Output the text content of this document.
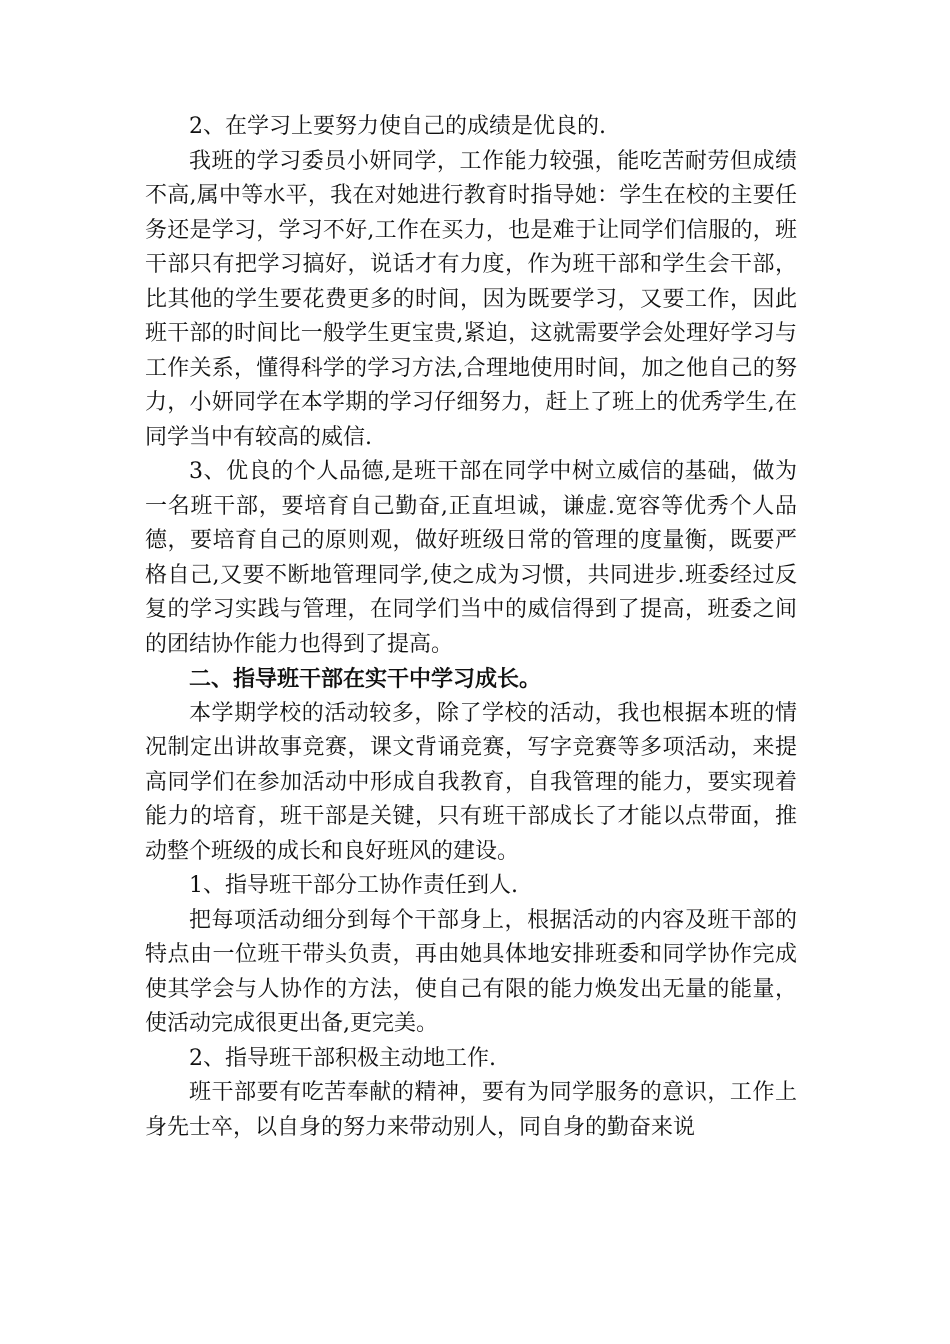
2、在学习上要努力使自己的成绩是优良的.

我班的学习委员小妍同学，工作能力较强，能吃苦耐劳但成绩不高,属中等水平，我在对她进行教育时指导她：学生在校的主要任务还是学习，学习不好,工作在买力，也是难于让同学们信服的，班干部只有把学习搞好，说话才有力度，作为班干部和学生会干部，比其他的学生要花费更多的时间，因为既要学习，又要工作，因此班干部的时间比一般学生更宝贵,紧迫，这就需要学会处理好学习与工作关系，懂得科学的学习方法,合理地使用时间，加之他自己的努力，小妍同学在本学期的学习仔细努力，赶上了班上的优秀学生,在同学当中有较高的威信.

3、优良的个人品德,是班干部在同学中树立威信的基础，做为一名班干部，要培育自己勤奋,正直坦诚，谦虚.宽容等优秀个人品德，要培育自己的原则观，做好班级日常的管理的度量衡，既要严格自己,又要不断地管理同学,使之成为习惯，共同进步.班委经过反复的学习实践与管理，在同学们当中的威信得到了提高，班委之间的团结协作能力也得到了提高。

二、指导班干部在实干中学习成长。

本学期学校的活动较多，除了学校的活动，我也根据本班的情况制定出讲故事竞赛，课文背诵竞赛，写字竞赛等多项活动，来提高同学们在参加活动中形成自我教育，自我管理的能力，要实现着能力的培育，班干部是关键，只有班干部成长了才能以点带面，推动整个班级的成长和良好班风的建设。

1、指导班干部分工协作责任到人.

把每项活动细分到每个干部身上，根据活动的内容及班干部的特点由一位班干带头负责，再由她具体地安排班委和同学协作完成使其学会与人协作的方法，使自己有限的能力焕发出无量的能量，使活动完成很更出备,更完美。

2、指导班干部积极主动地工作.

班干部要有吃苦奉献的精神，要有为同学服务的意识，工作上身先士卒，以自身的努力来带动别人，同自身的勤奋来说
